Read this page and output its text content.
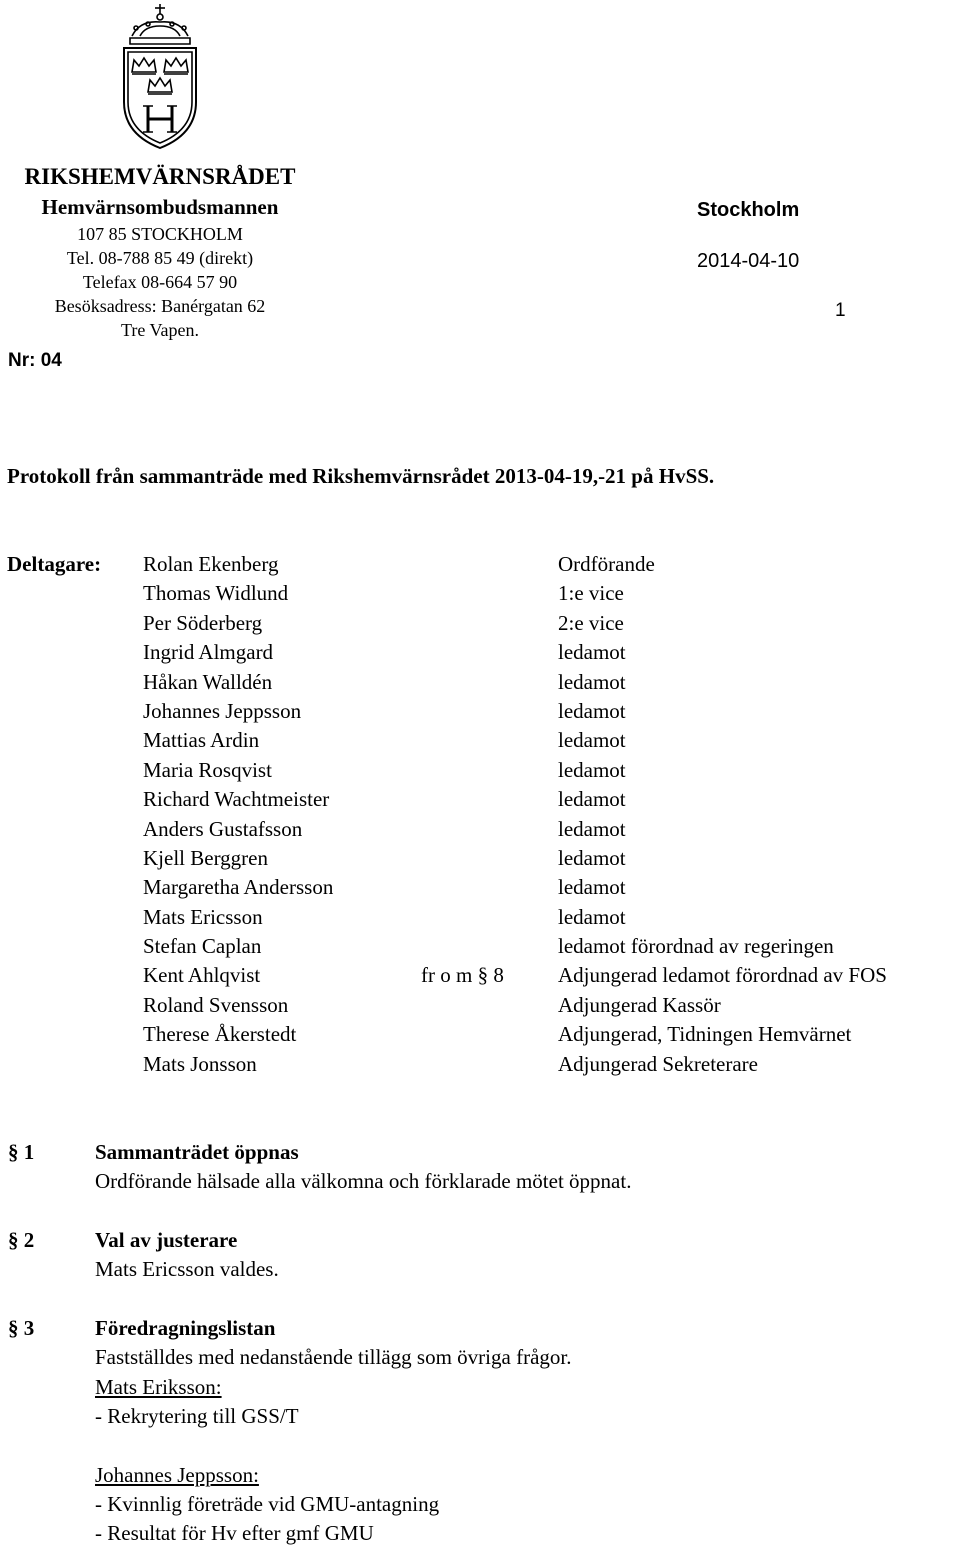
RIKSHEMVÄRNSRÅDET
Hemvärnsombudsmannen
107 85 STOCKHOLM
Tel. 08-788 85 49 (direkt)
Telefax 08-664 57 90
Besöksadress: Banérgatan 62
Tre Vapen.
Nr: 04
Stockholm
2014-04-10
1
Protokoll från sammanträde med Rikshemvärnsrådet 2013-04-19,-21 på HvSS.
Deltagare: Rolan Ekenberg	Ordförande
Thomas Widlund	1:e vice
Per Söderberg	2:e vice
Ingrid Almgard	ledamot
Håkan Walldén	ledamot
Johannes Jeppsson	ledamot
Mattias Ardin	ledamot
Maria Rosqvist	ledamot
Richard Wachtmeister	ledamot
Anders Gustafsson	ledamot
Kjell Berggren	ledamot
Margaretha Andersson	ledamot
Mats Ericsson	ledamot
Stefan Caplan	ledamot förordnad av regeringen
Kent Ahlqvist	fr o m § 8	Adjungerad ledamot förordnad av FOS
Roland Svensson	Adjungerad Kassör
Therese Åkerstedt	Adjungerad, Tidningen Hemvärnet
Mats Jonsson	Adjungerad Sekreterare
§ 1	Sammanträdet öppnas
Ordförande hälsade alla välkomna och förklarade mötet öppnat.
§ 2	Val av justerare
Mats Ericsson valdes.
§ 3	Föredragningslistan
Fastställdes med nedanstående tillägg som övriga frågor.
Mats Eriksson:
- Rekrytering till GSS/T
Johannes Jeppsson:
- Kvinnlig företräde vid GMU-antagning
- Resultat för Hv efter gmf GMU
